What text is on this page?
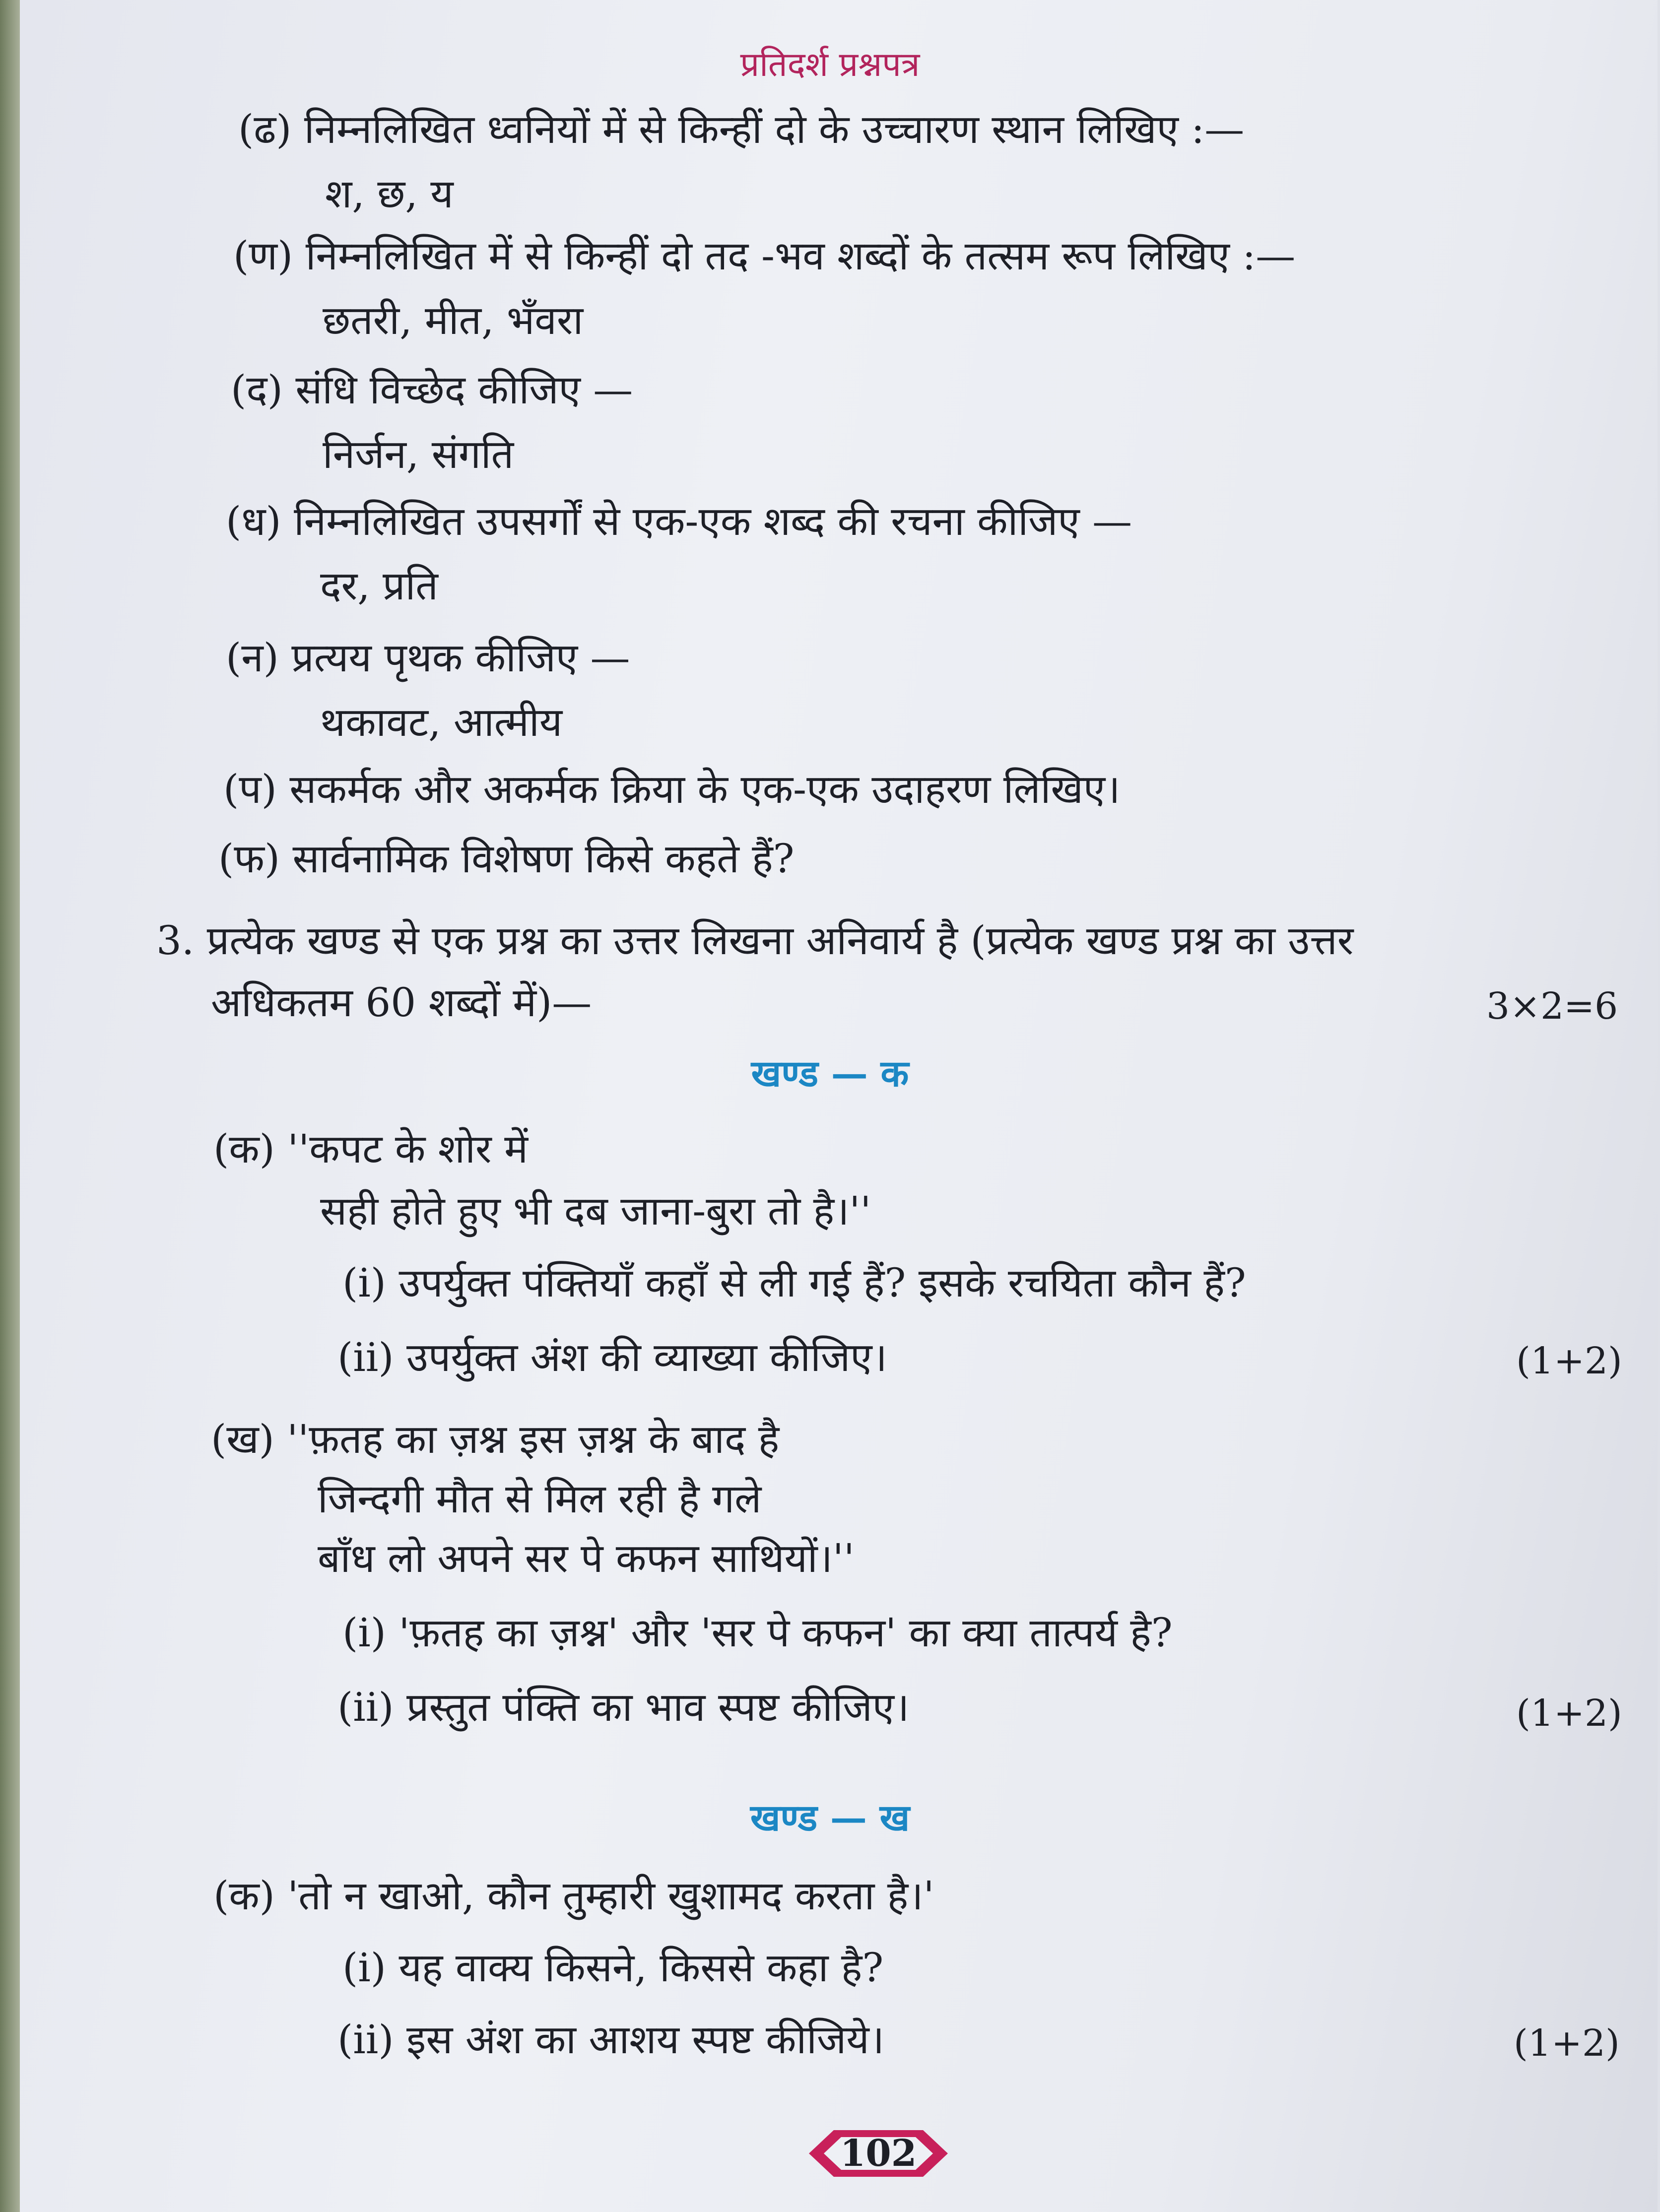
प्रतिदर्श प्रश्नपत्र
(ढ) निम्नलिखित ध्वनियों में से किन्हीं दो के उच्चारण स्थान लिखिए :—
श, छ, य
(ण) निम्नलिखित में से किन्हीं दो तद -भव शब्दों के तत्सम रूप लिखिए :—
छतरी, मीत, भँवरा
(द) संधि विच्छेद कीजिए —
निर्जन, संगति
(ध) निम्नलिखित उपसर्गों से एक-एक शब्द की रचना कीजिए —
दर, प्रति
(न) प्रत्यय पृथक कीजिए —
थकावट, आत्मीय
(प) सकर्मक और अकर्मक क्रिया के एक-एक उदाहरण लिखिए।
(फ) सार्वनामिक विशेषण किसे कहते हैं?
3. प्रत्येक खण्ड से एक प्रश्न का उत्तर लिखना अनिवार्य है (प्रत्येक खण्ड प्रश्न का उत्तर
अधिकतम 60 शब्दों में)—	3×2=6
खण्ड — क
(क) ''कपट के शोर में
सही होते हुए भी दब जाना-बुरा तो है।''
(i) उपर्युक्त पंक्तियाँ कहाँ से ली गई हैं? इसके रचयिता कौन हैं?
(ii) उपर्युक्त अंश की व्याख्या कीजिए।	(1+2)
(ख) ''फ़तह का ज़श्न इस ज़श्न के बाद है
जिन्दगी मौत से मिल रही है गले
बाँध लो अपने सर पे कफन साथियों।''
(i) 'फ़तह का ज़श्न' और 'सर पे कफन' का क्या तात्पर्य है?
(ii) प्रस्तुत पंक्ति का भाव स्पष्ट कीजिए।	(1+2)
खण्ड — ख
(क) 'तो न खाओ, कौन तुम्हारी खुशामद करता है।'
(i) यह वाक्य किसने, किससे कहा है?
(ii) इस अंश का आशय स्पष्ट कीजिये।	(1+2)
102
